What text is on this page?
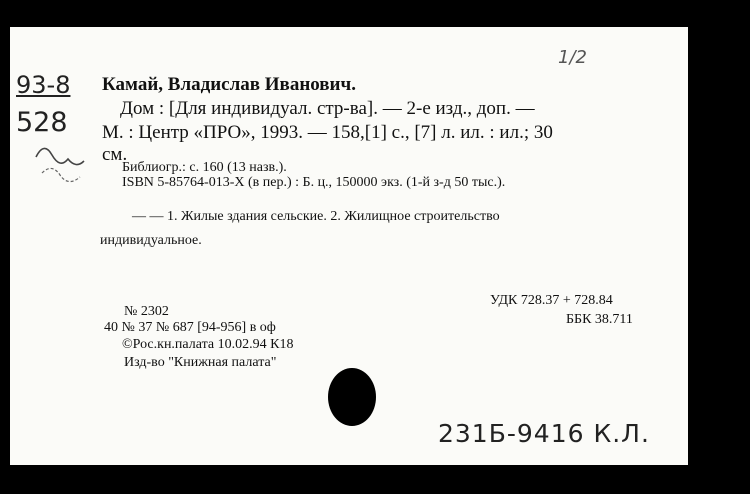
93-8
528
1/2
Камай, Владислав Иванович.
Дом : [Для индивидуал. стр-ва]. — 2-е изд., доп. —
М. : Центр «ПРО», 1993. — 158,[1] с., [7] л. ил. : ил.; 30
см.
Библиогр.: с. 160 (13 назв.).
ISBN 5-85764-013-X (в пер.) : Б. ц., 150000 экз. (1-й з-д 50 тыс.).
— — 1. Жилые здания сельские. 2. Жилищное строительство
индивидуальное.
№ 2302
40 № 37 № 687 [94-956] в оф
©Рос.кн.палата 10.02.94 К18
Изд-во "Книжная палата"
УДК 728.37 + 728.84
ББК 38.711
231Б-9416 К.Л.
